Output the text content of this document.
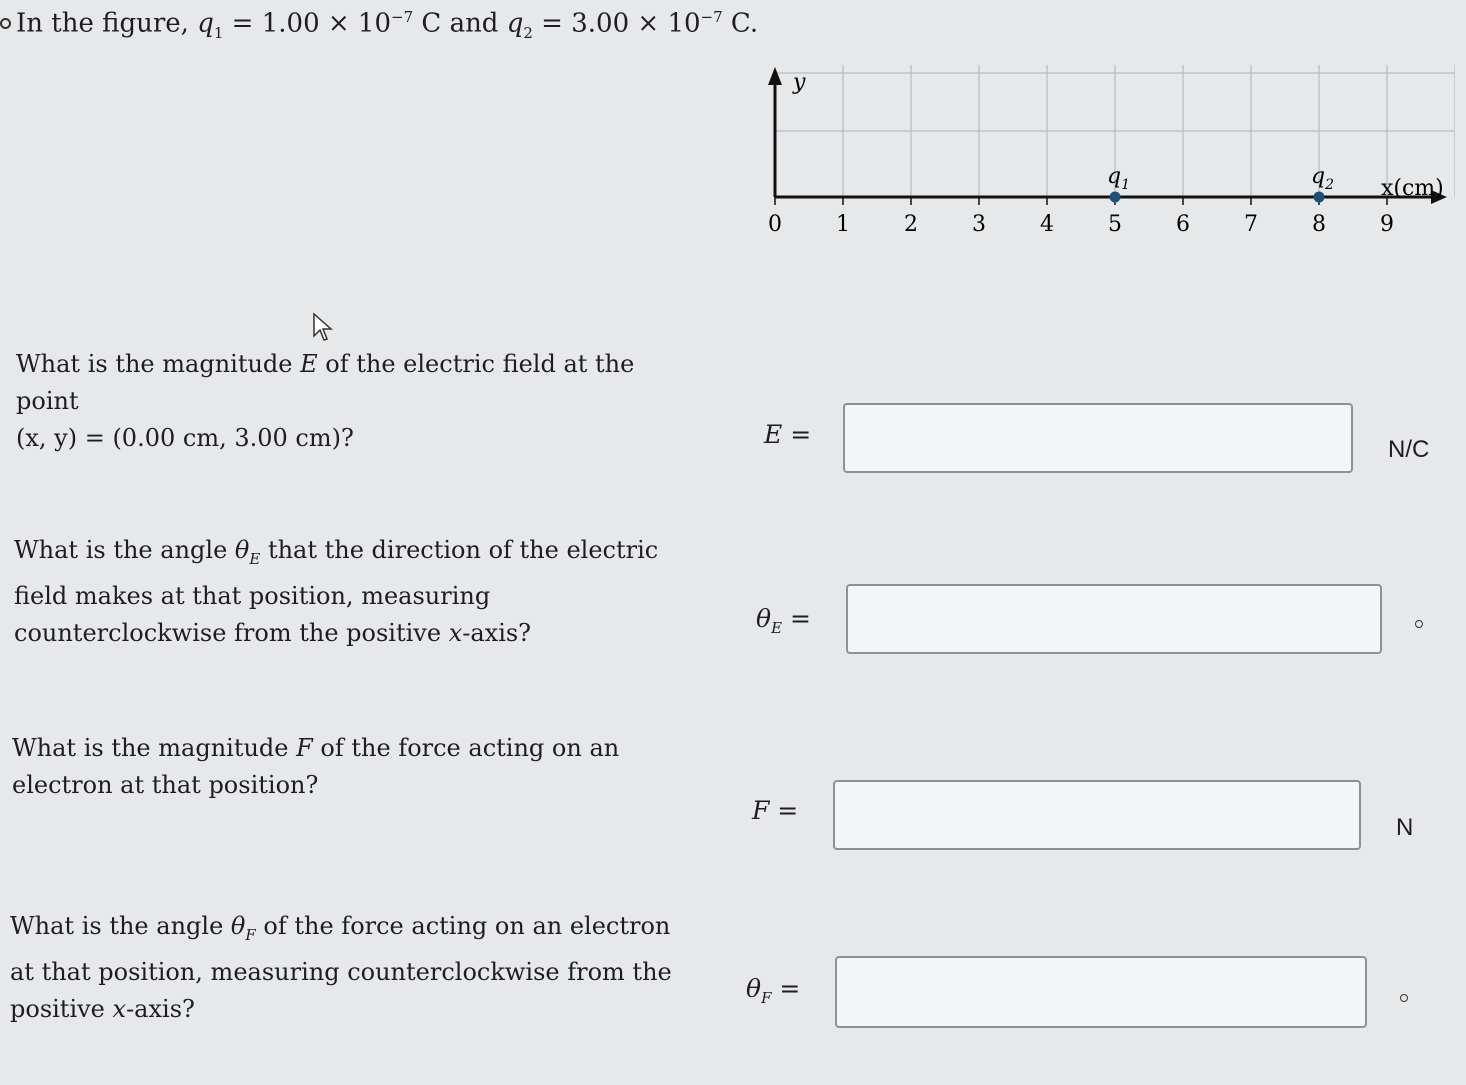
In the figure, $q_1 = 1.00 \times 10^{-7}$ C and $q_2 = 3.00 \times 10^{-7}$ C.
y
x(cm)
0 1 2 3 4 5 6 7 8 9
$q_1$	$q_2$
What is the magnitude E of the electric field at the point
(x, y) = (0.00 cm, 3.00 cm)?	E =
N/C
What is the angle $\theta_E$ that the direction of the electric field makes at that position, measuring counterclockwise from the positive x-axis?	$\theta_E$ =
What is the magnitude F of the force acting on an electron at that position?
F =
N
What is the angle $\theta_F$ of the force acting on an electron at that position, measuring counterclockwise from the positive x-axis?
$\theta_F$ =
